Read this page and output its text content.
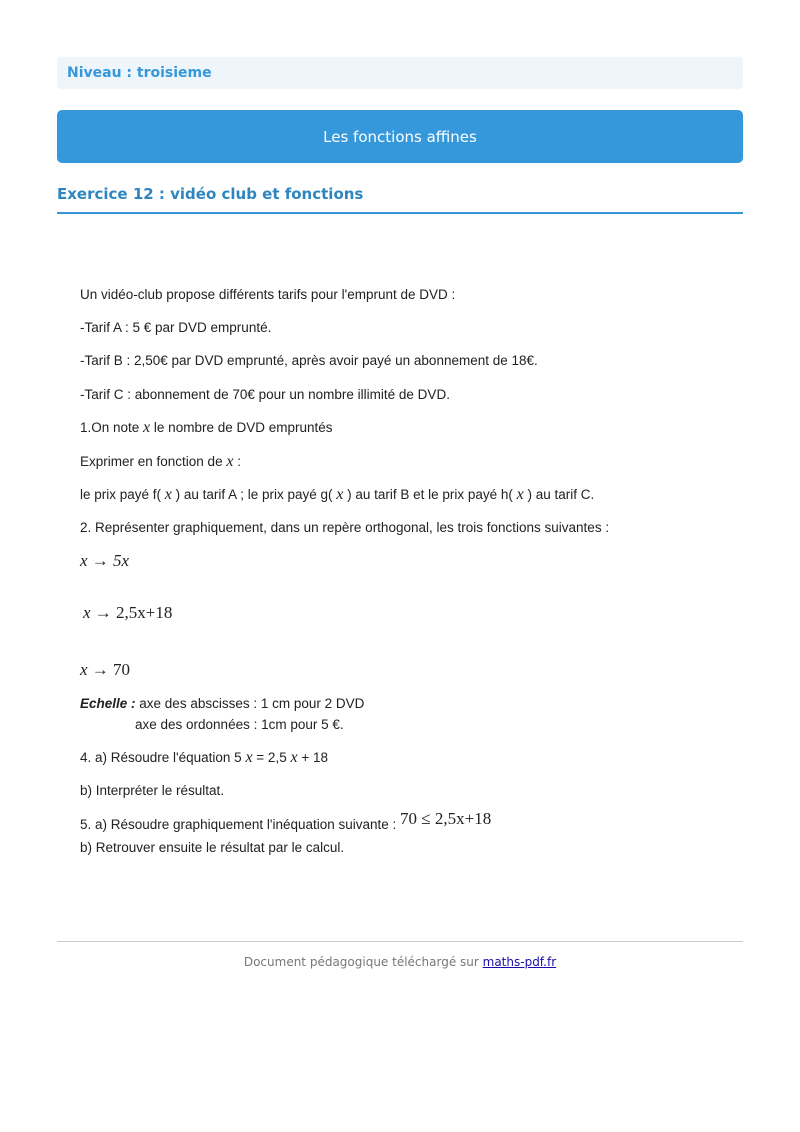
Niveau : troisieme
Les fonctions affines
Exercice 12 : vidéo club et fonctions
Un vidéo-club propose différents tarifs pour l'emprunt de DVD :
-Tarif A : 5 € par DVD emprunté.
-Tarif B : 2,50€ par DVD emprunté, après avoir payé un abonnement de 18€.
-Tarif C : abonnement de 70€ pour un nombre illimité de DVD.
1.On note x le nombre de DVD empruntés
Exprimer en fonction de x :
le prix payé f( x ) au tarif A ; le prix payé g( x ) au tarif B et le prix payé h( x ) au tarif C.
2. Représenter graphiquement, dans un repère orthogonal, les trois fonctions suivantes :
x → 5x
x → 2,5x+18
x → 70
Echelle : axe des abscisses : 1 cm pour 2 DVD
axe des ordonnées : 1cm pour 5 €.
4. a) Résoudre l'équation 5 x = 2,5 x + 18
b) Interpréter le résultat.
5. a) Résoudre graphiquement l'inéquation suivante : 70 ≤ 2,5x+18
b) Retrouver ensuite le résultat par le calcul.
Document pédagogique téléchargé sur maths-pdf.fr
